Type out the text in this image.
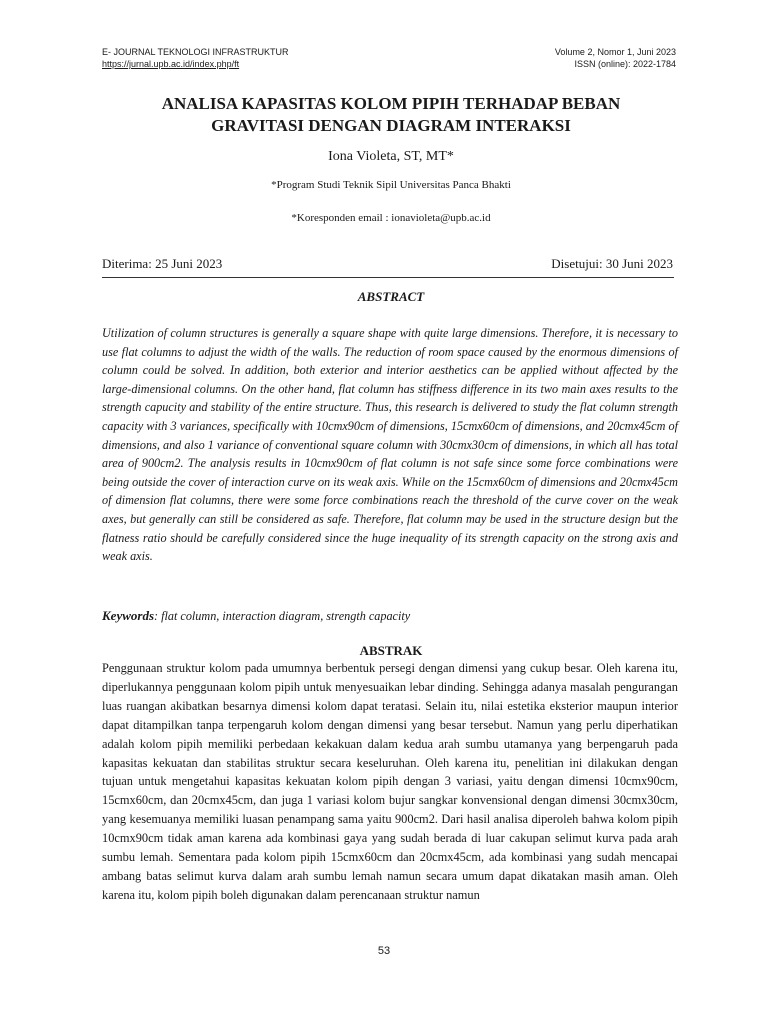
E- JOURNAL TEKNOLOGI INFRASTRUKTUR
https://jurnal.upb.ac.id/index.php/ft
Volume 2, Nomor 1, Juni 2023
ISSN (online): 2022-1784
ANALISA KAPASITAS KOLOM PIPIH TERHADAP BEBAN
GRAVITASI DENGAN DIAGRAM INTERAKSI
Iona Violeta, ST, MT*
*Program Studi Teknik Sipil Universitas Panca Bhakti
*Koresponden email : ionavioleta@upb.ac.id
Diterima: 25 Juni 2023	Disetujui: 30 Juni 2023
ABSTRACT
Utilization of column structures is generally a square shape with quite large dimensions. Therefore, it is necessary to use flat columns to adjust the width of the walls. The reduction of room space caused by the enormous dimensions of column could be solved. In addition, both exterior and interior aesthetics can be applied without affected by the large-dimensional columns. On the other hand, flat column has stiffness difference in its two main axes results to the strength capucity and stability of the entire structure. Thus, this research is delivered to study the flat column strength capacity with 3 variances, specifically with 10cmx90cm of dimensions, 15cmx60cm of dimensions, and 20cmx45cm of dimensions, and also 1 variance of conventional square column with 30cmx30cm of dimensions, in which all has total area of 900cm2. The analysis results in 10cmx90cm of flat column is not safe since some force combinations were being outside the cover of interaction curve on its weak axis. While on the 15cmx60cm of dimensions and 20cmx45cm of dimension flat columns, there were some force combinations reach the threshold of the curve cover on the weak axes, but generally can still be considered as safe. Therefore, flat column may be used in the structure design but the flatness ratio should be carefully considered since the huge inequality of its strength capacity on the strong axis and weak axis.
Keywords: flat column, interaction diagram, strength capacity
ABSTRAK
Penggunaan struktur kolom pada umumnya berbentuk persegi dengan dimensi yang cukup besar. Oleh karena itu, diperlukannya penggunaan kolom pipih untuk menyesuaikan lebar dinding. Sehingga adanya masalah pengurangan luas ruangan akibatkan besarnya dimensi kolom dapat teratasi. Selain itu, nilai estetika eksterior maupun interior dapat ditampilkan tanpa terpengaruh kolom dengan dimensi yang besar tersebut. Namun yang perlu diperhatikan adalah kolom pipih memiliki perbedaan kekakuan dalam kedua arah sumbu utamanya yang berpengaruh pada kapasitas kekuatan dan stabilitas struktur secara keseluruhan. Oleh karena itu, penelitian ini dilakukan dengan tujuan untuk mengetahui kapasitas kekuatan kolom pipih dengan 3 variasi, yaitu dengan dimensi 10cmx90cm, 15cmx60cm, dan 20cmx45cm, dan juga 1 variasi kolom bujur sangkar konvensional dengan dimensi 30cmx30cm, yang kesemuanya memiliki luasan penampang sama yaitu 900cm2. Dari hasil analisa diperoleh bahwa kolom pipih 10cmx90cm tidak aman karena ada kombinasi gaya yang sudah berada di luar cakupan selimut kurva pada arah sumbu lemah. Sementara pada kolom pipih 15cmx60cm dan 20cmx45cm, ada kombinasi yang sudah mencapai ambang batas selimut kurva dalam arah sumbu lemah namun secara umum dapat dikatakan masih aman. Oleh karena itu, kolom pipih boleh digunakan dalam perencanaan struktur namun
53
